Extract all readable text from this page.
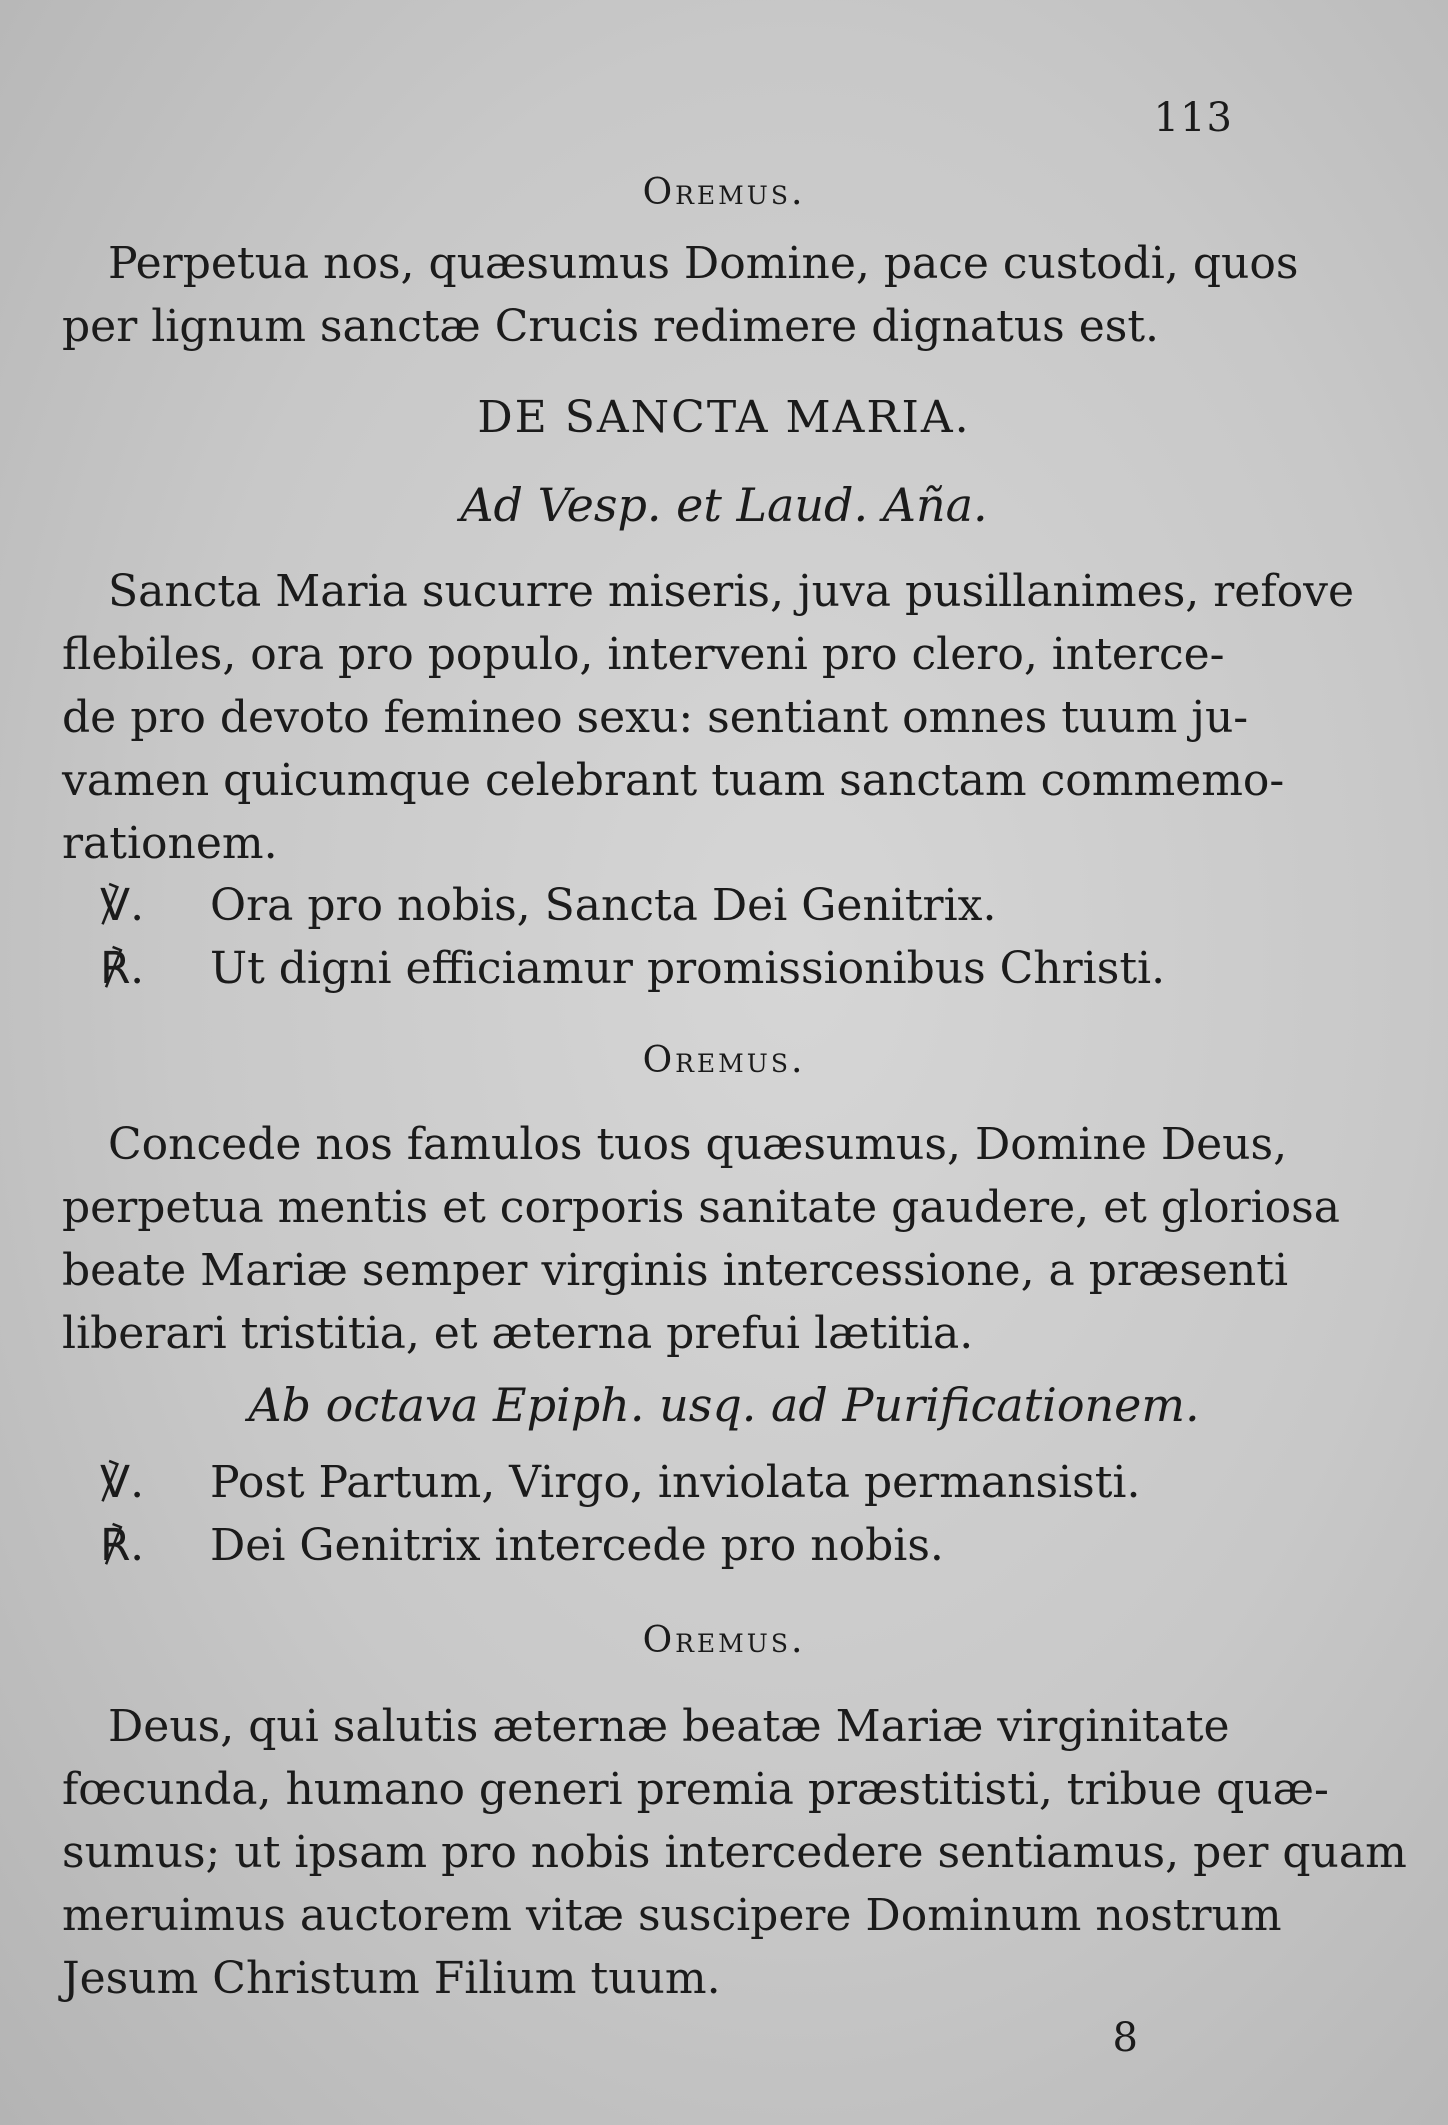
113
Oremus.
Perpetua nos, quæsumus Domine, pace custodi, quos
per lignum sanctæ Crucis redimere dignatus est.
DE SANCTA MARIA.
Ad Vesp. et Laud. Aña.
Sancta Maria sucurre miseris, juva pusillanimes, refove
flebiles, ora pro populo, interveni pro clero, interce-
de pro devoto femineo sexu: sentiant omnes tuum ju-
vamen quicumque celebrant tuam sanctam commemo-
rationem.
℣. Ora pro nobis, Sancta Dei Genitrix.
℟. Ut digni efficiamur promissionibus Christi.
Oremus.
Concede nos famulos tuos quæsumus, Domine Deus,
perpetua mentis et corporis sanitate gaudere, et gloriosa
beate Mariæ semper virginis intercessione, a præsenti
liberari tristitia, et æterna prefui lætitia.
Ab octava Epiph. usq. ad Purificationem.
℣. Post Partum, Virgo, inviolata permansisti.
℟. Dei Genitrix intercede pro nobis.
Oremus.
Deus, qui salutis æternæ beatæ Mariæ virginitate
fœcunda, humano generi premia præstitisti, tribue quæ-
sumus; ut ipsam pro nobis intercedere sentiamus, per quam
meruimus auctorem vitæ suscipere Dominum nostrum
Jesum Christum Filium tuum.
8
